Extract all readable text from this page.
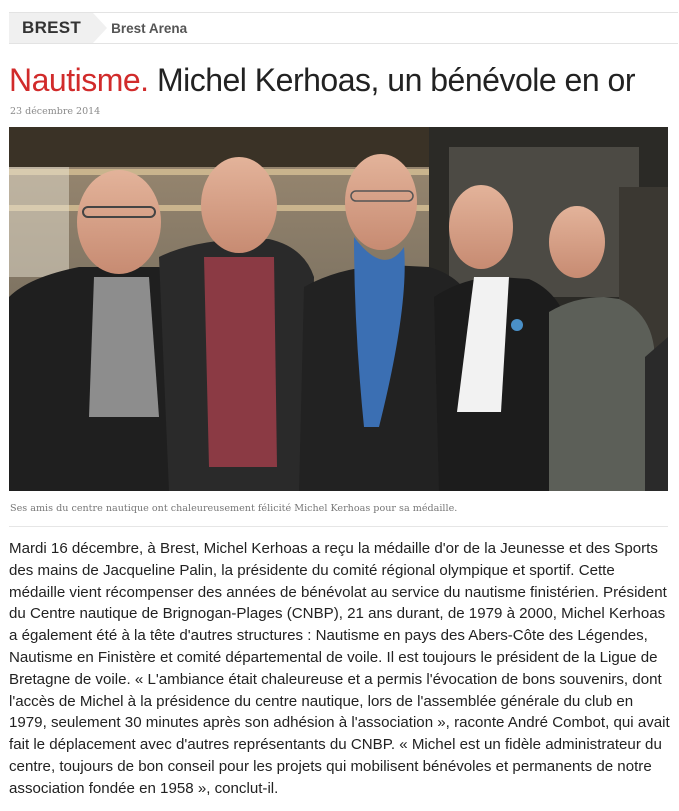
BREST	Brest Arena
Nautisme. Michel Kerhoas, un bénévole en or
23 décembre 2014
Ses amis du centre nautique ont chaleureusement félicité Michel Kerhoas pour sa médaille.

Mardi 16 décembre, à Brest, Michel Kerhoas a reçu la médaille d'or de la Jeunesse et des Sports des mains de Jacqueline Palin, la présidente du comité régional olympique et sportif. Cette médaille vient récompenser des années de bénévolat au service du nautisme finistérien. Président du Centre nautique de Brignogan-Plages (CNBP), 21 ans durant, de 1979 à 2000, Michel Kerhoas a également été à la tête d'autres structures : Nautisme en pays des Abers-Côte des Légendes, Nautisme en Finistère et comité départemental de voile. Il est toujours le président de la Ligue de Bretagne de voile. « L'ambiance était chaleureuse et a permis l'évocation de bons souvenirs, dont l'accès de Michel à la présidence du centre nautique, lors de l'assemblée générale du club en 1979, seulement 30 minutes après son adhésion à l'association », raconte André Combot, qui avait fait le déplacement avec d'autres représentants du CNBP. « Michel est un fidèle administrateur du centre, toujours de bon conseil pour les projets qui mobilisent bénévoles et permanents de notre association fondée en 1958 », conclut-il.
